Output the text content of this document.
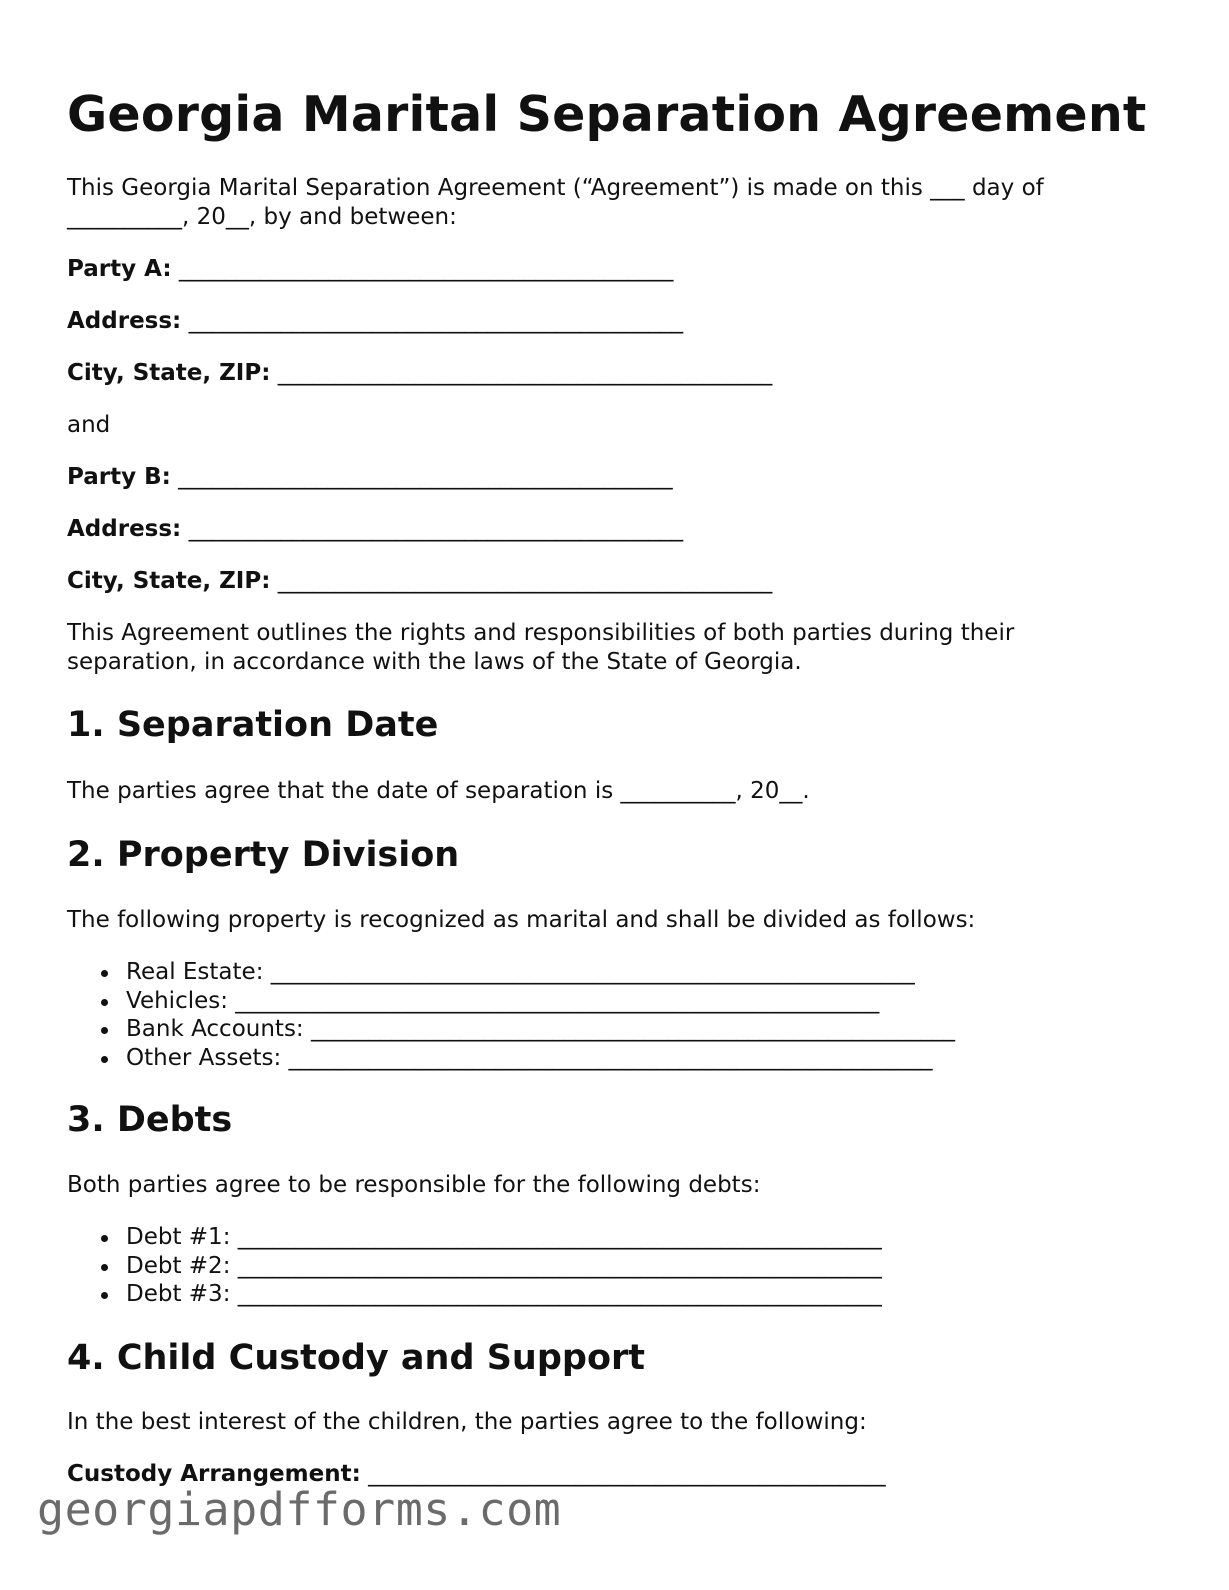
Georgia Marital Separation Agreement

This Georgia Marital Separation Agreement (“Agreement”) is made on this ___ day of

__________, 20__, by and between:

Party A: ___________________________________________
Address: ___________________________________________
City, State, ZIP: ___________________________________________

and

Party B: ___________________________________________
Address: ___________________________________________
City, State, ZIP: ___________________________________________

This Agreement outlines the rights and responsibilities of both parties during their

separation, in accordance with the laws of the State of Georgia.

1. Separation Date

The parties agree that the date of separation is __________, 20__.

2. Property Division

The following property is recognized as marital and shall be divided as follows:

Real Estate: ________________________________________________________
Vehicles: ________________________________________________________
Bank Accounts: ________________________________________________________
Other Assets: ________________________________________________________
3. Debts

Both parties agree to be responsible for the following debts:

Debt #1: ________________________________________________________
Debt #2: ________________________________________________________
Debt #3: ________________________________________________________
4. Child Custody and Support

In the best interest of the children, the parties agree to the following:

Custody Arrangement: _____________________________________________
georgiapdfforms.com
